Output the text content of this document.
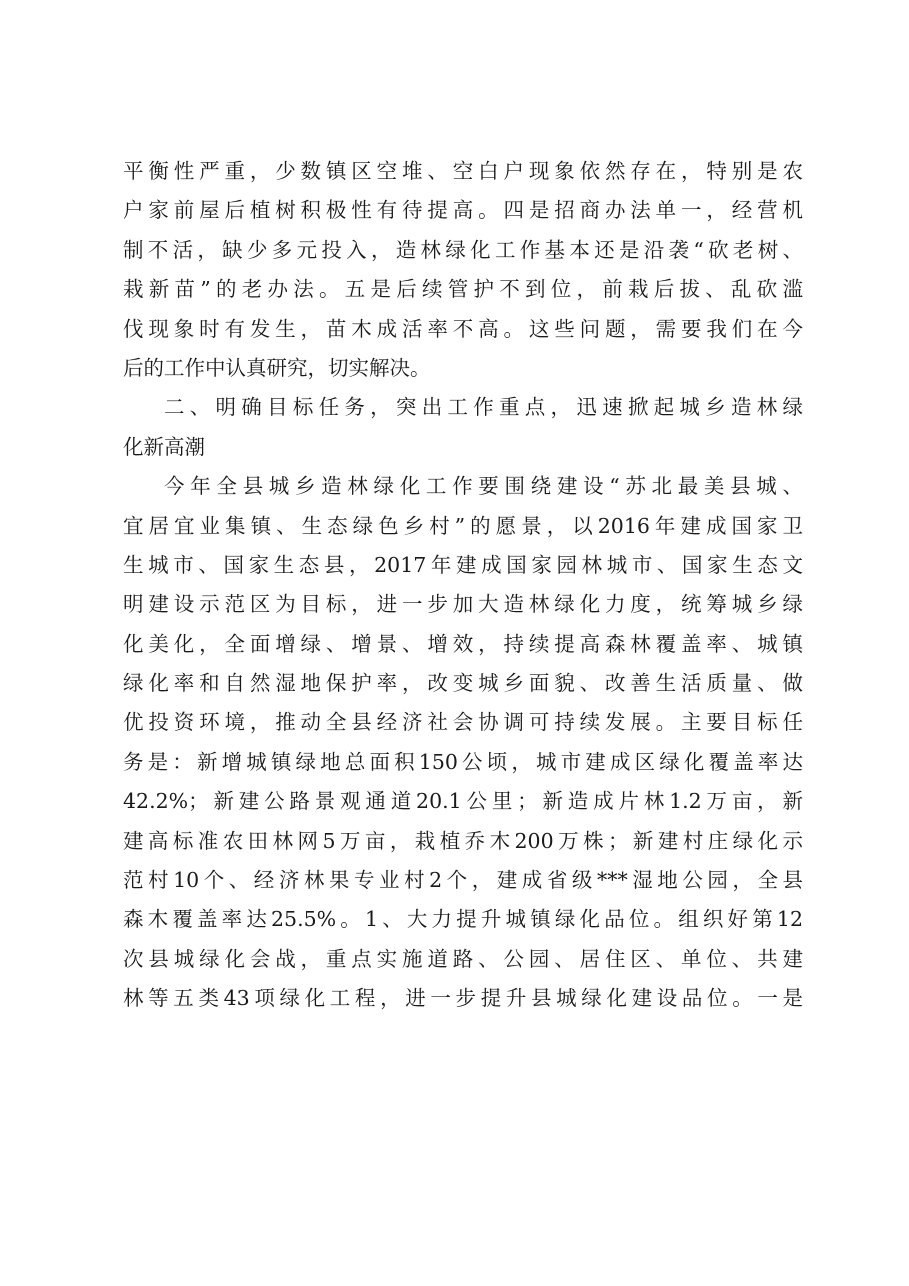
平衡性严重，少数镇区空堆、空白户现象依然存在，特别是农
户家前屋后植树积极性有待提高。四是招商办法单一，经营机
制不活，缺少多元投入，造林绿化工作基本还是沿袭“砍老树、
栽新苗”的老办法。五是后续管护不到位，前栽后拔、乱砍滥
伐现象时有发生，苗木成活率不高。这些问题，需要我们在今
后的工作中认真研究，切实解决。
二、明确目标任务，突出工作重点，迅速掀起城乡造林绿
化新高潮
今年全县城乡造林绿化工作要围绕建设“苏北最美县城、
宜居宜业集镇、生态绿色乡村”的愿景，以2016年建成国家卫
生城市、国家生态县，2017年建成国家园林城市、国家生态文
明建设示范区为目标，进一步加大造林绿化力度，统筹城乡绿
化美化，全面增绿、增景、增效，持续提高森林覆盖率、城镇
绿化率和自然湿地保护率，改变城乡面貌、改善生活质量、做
优投资环境，推动全县经济社会协调可持续发展。主要目标任
务是：新增城镇绿地总面积150公顷，城市建成区绿化覆盖率达
42.2%；新建公路景观通道20.1公里；新造成片林1.2万亩，新
建高标准农田林网5万亩，栽植乔木200万株；新建村庄绿化示
范村10个、经济林果专业村2个，建成省级***湿地公园，全县
森木覆盖率达25.5%。1、大力提升城镇绿化品位。组织好第12
次县城绿化会战，重点实施道路、公园、居住区、单位、共建
林等五类43项绿化工程，进一步提升县城绿化建设品位。一是
